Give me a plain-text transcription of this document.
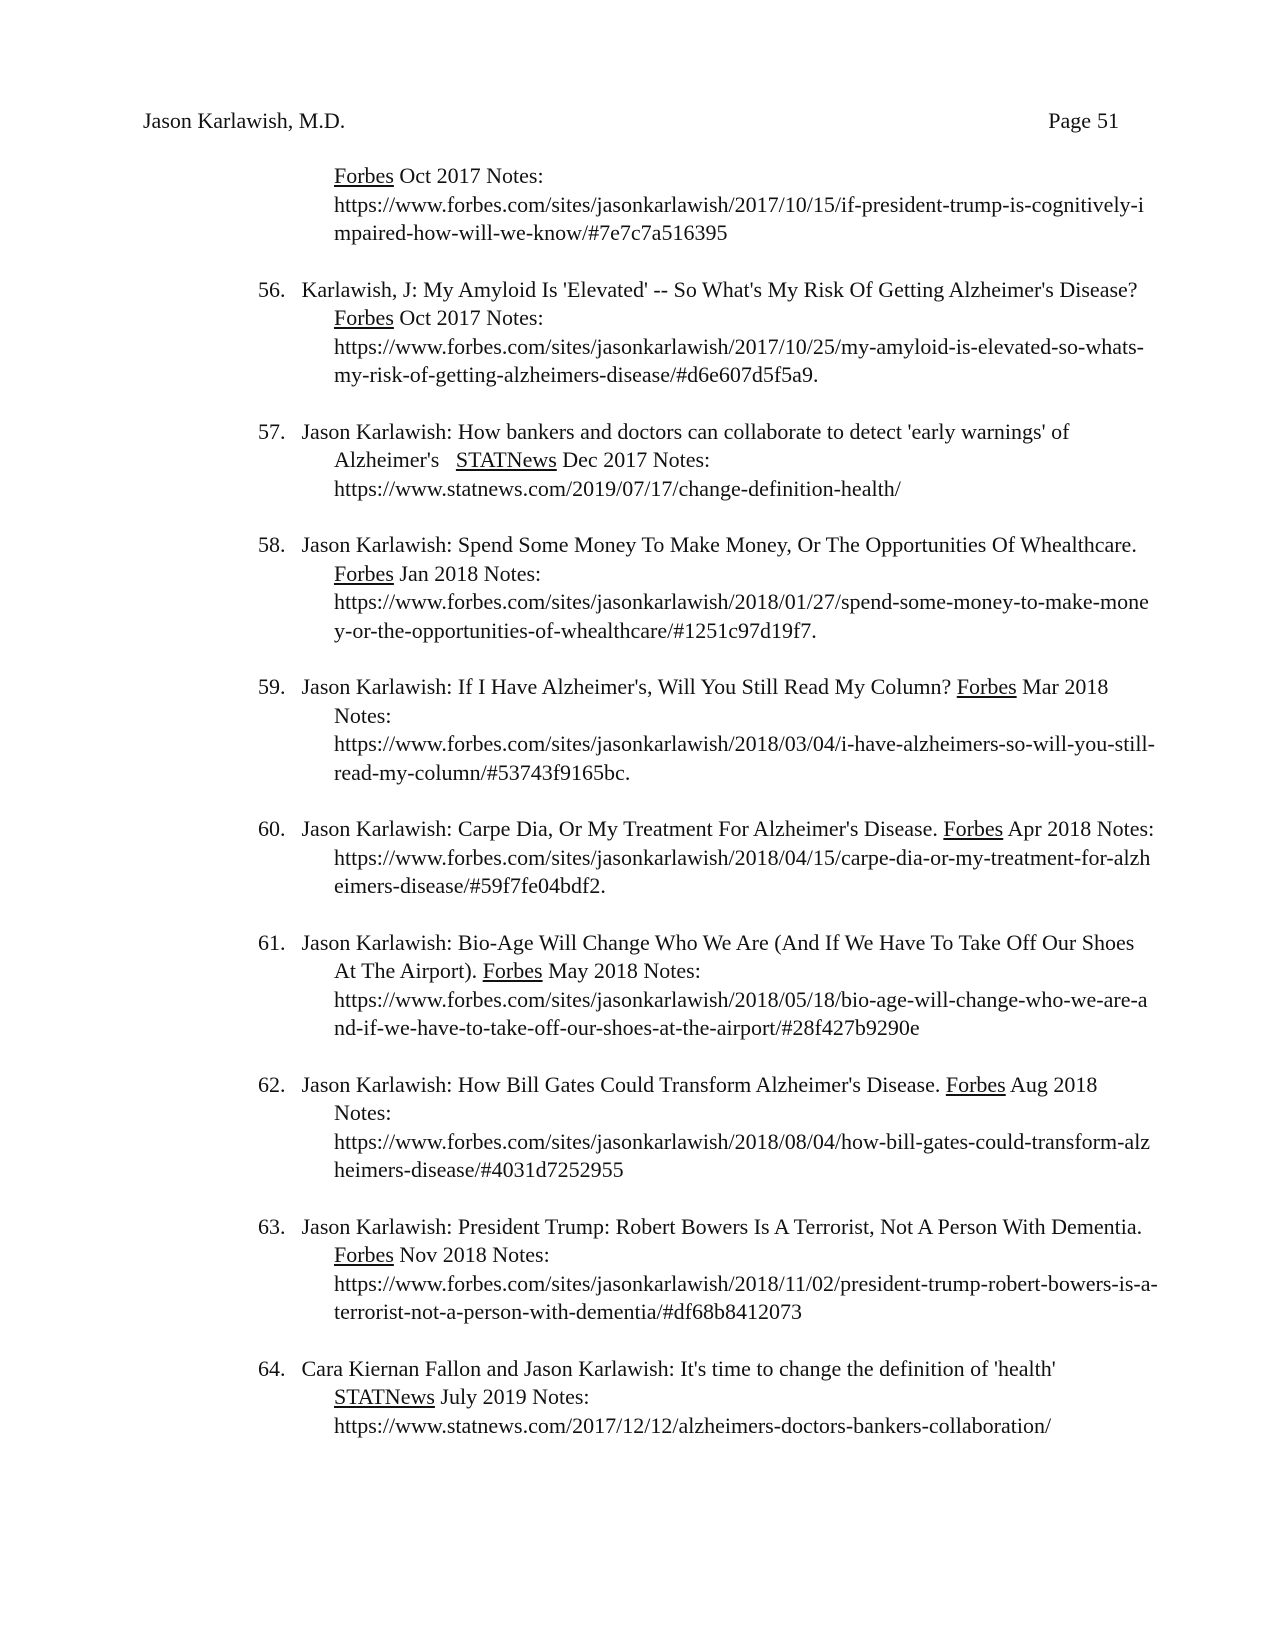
Jason Karlawish, M.D.	Page 51
Forbes Oct 2017 Notes:
https://www.forbes.com/sites/jasonkarlawish/2017/10/15/if-president-trump-is-cognitively-impaired-how-will-we-know/#7e7c7a516395
56. Karlawish, J: My Amyloid Is 'Elevated' -- So What's My Risk Of Getting Alzheimer's Disease? Forbes Oct 2017 Notes:
https://www.forbes.com/sites/jasonkarlawish/2017/10/25/my-amyloid-is-elevated-so-whats-my-risk-of-getting-alzheimers-disease/#d6e607d5f5a9.
57. Jason Karlawish: How bankers and doctors can collaborate to detect 'early warnings' of Alzheimer's STATNews Dec 2017 Notes:
https://www.statnews.com/2019/07/17/change-definition-health/
58. Jason Karlawish: Spend Some Money To Make Money, Or The Opportunities Of Whealthcare. Forbes Jan 2018 Notes:
https://www.forbes.com/sites/jasonkarlawish/2018/01/27/spend-some-money-to-make-money-or-the-opportunities-of-whealthcare/#1251c97d19f7.
59. Jason Karlawish: If I Have Alzheimer's, Will You Still Read My Column? Forbes Mar 2018 Notes:
https://www.forbes.com/sites/jasonkarlawish/2018/03/04/i-have-alzheimers-so-will-you-still-read-my-column/#53743f9165bc.
60. Jason Karlawish: Carpe Dia, Or My Treatment For Alzheimer's Disease. Forbes Apr 2018 Notes:
https://www.forbes.com/sites/jasonkarlawish/2018/04/15/carpe-dia-or-my-treatment-for-alzheimers-disease/#59f7fe04bdf2.
61. Jason Karlawish: Bio-Age Will Change Who We Are (And If We Have To Take Off Our Shoes At The Airport). Forbes May 2018 Notes:
https://www.forbes.com/sites/jasonkarlawish/2018/05/18/bio-age-will-change-who-we-are-and-if-we-have-to-take-off-our-shoes-at-the-airport/#28f427b9290e
62. Jason Karlawish: How Bill Gates Could Transform Alzheimer's Disease. Forbes Aug 2018 Notes:
https://www.forbes.com/sites/jasonkarlawish/2018/08/04/how-bill-gates-could-transform-alzheimers-disease/#4031d7252955
63. Jason Karlawish: President Trump: Robert Bowers Is A Terrorist, Not A Person With Dementia. Forbes Nov 2018 Notes:
https://www.forbes.com/sites/jasonkarlawish/2018/11/02/president-trump-robert-bowers-is-a-terrorist-not-a-person-with-dementia/#df68b8412073
64. Cara Kiernan Fallon and Jason Karlawish: It's time to change the definition of 'health' STATNews July 2019 Notes:
https://www.statnews.com/2017/12/12/alzheimers-doctors-bankers-collaboration/
